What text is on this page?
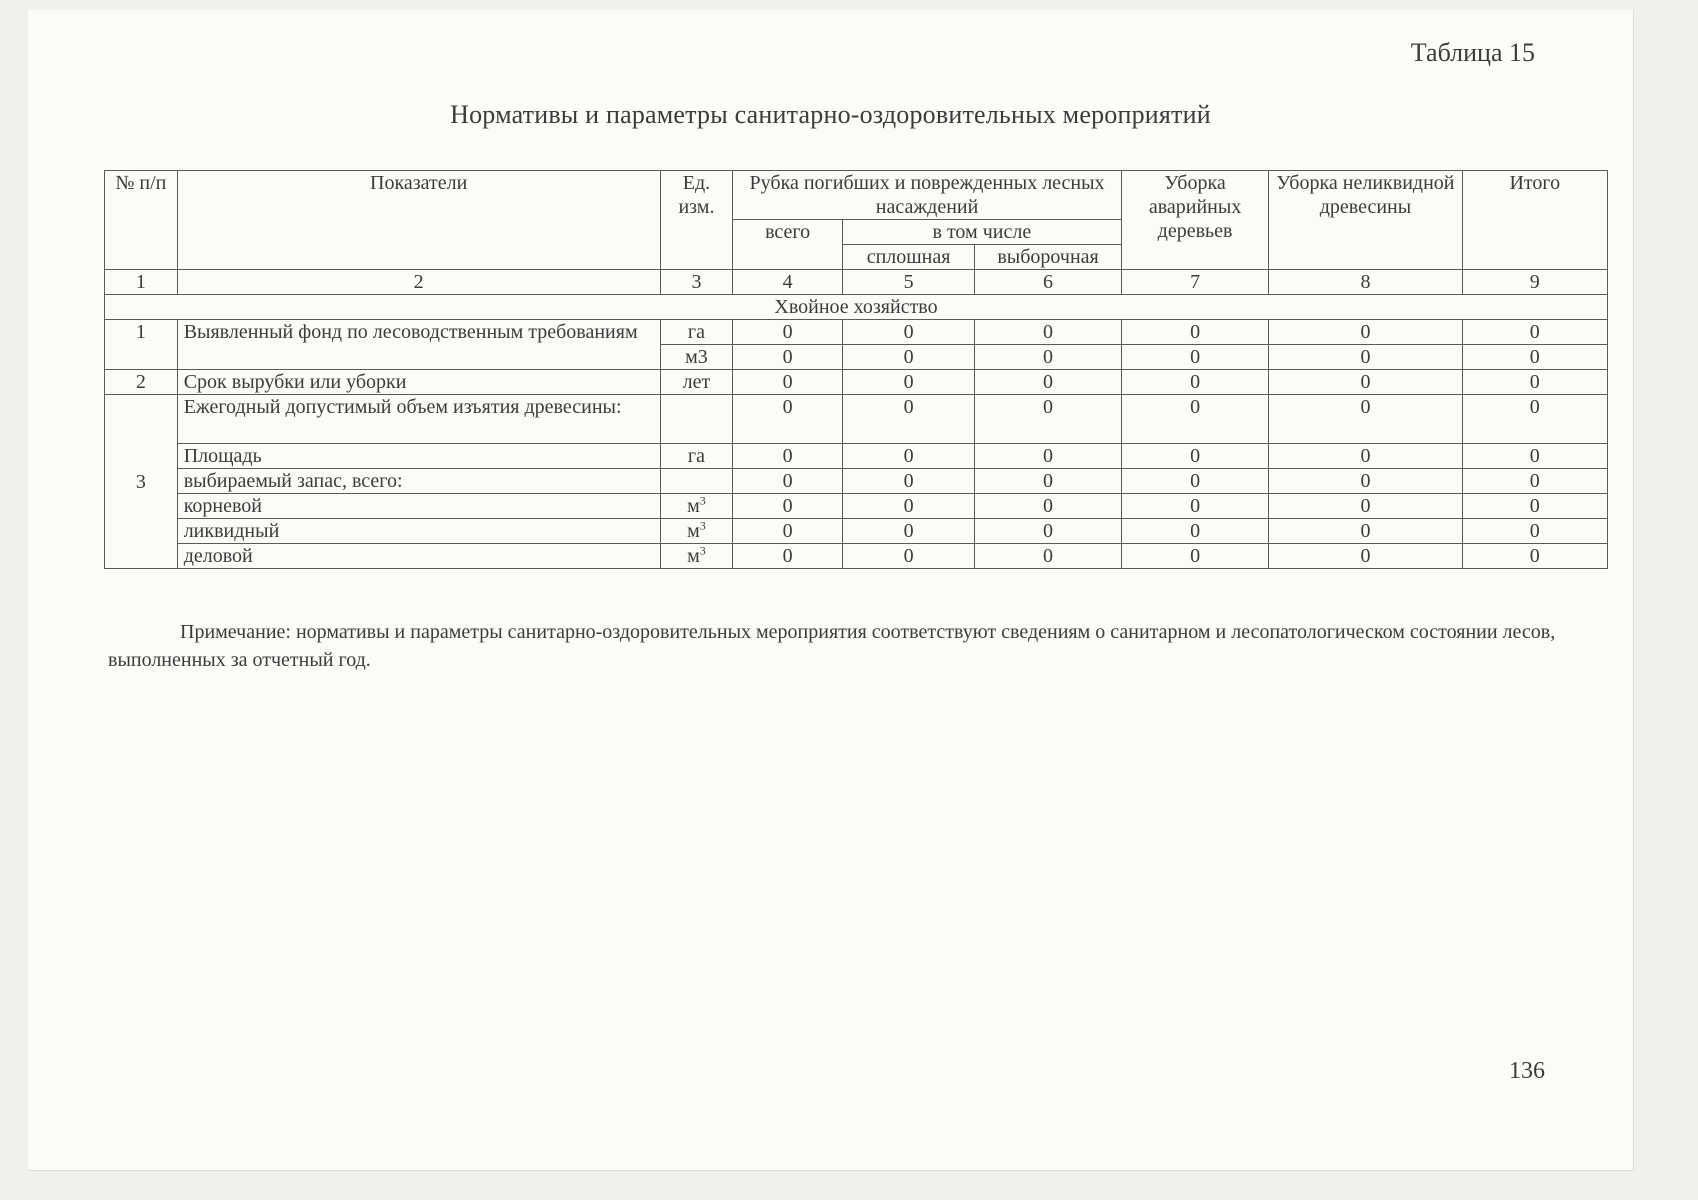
Таблица 15
Нормативы и параметры санитарно-оздоровительных мероприятий
№ п/п	Показатели	Ед. изм.	Рубка погибших и поврежденных лесных насаждений			Уборка аварийных деревьев	Уборка неликвидной древесины	Итого
			всего	в том числе				
				сплошная	выборочная			
1	2	3	4	5	6	7	8	9
Хвойное хозяйство								
1	Выявленный фонд по лесоводственным требованиям	га	0	0	0	0	0	0
		м3	0	0	0	0	0	0
2	Срок вырубки или уборки	лет	0	0	0	0	0	0
3	Ежегодный допустимый объем изъятия древесины:		0	0	0	0	0	0
	Площадь	га	0	0	0	0	0	0
	выбираемый запас, всего:		0	0	0	0	0	0
	корневой	$м^3$	0	0	0	0	0	0
	ликвидный	$м^3$	0	0	0	0	0	0
	деловой	$м^3$	0	0	0	0	0	0
Примечание: нормативы и параметры санитарно-оздоровительных мероприятия соответствуют сведениям о санитарном и лесопатологическом состоянии лесов, выполненных за отчетный год.
136
